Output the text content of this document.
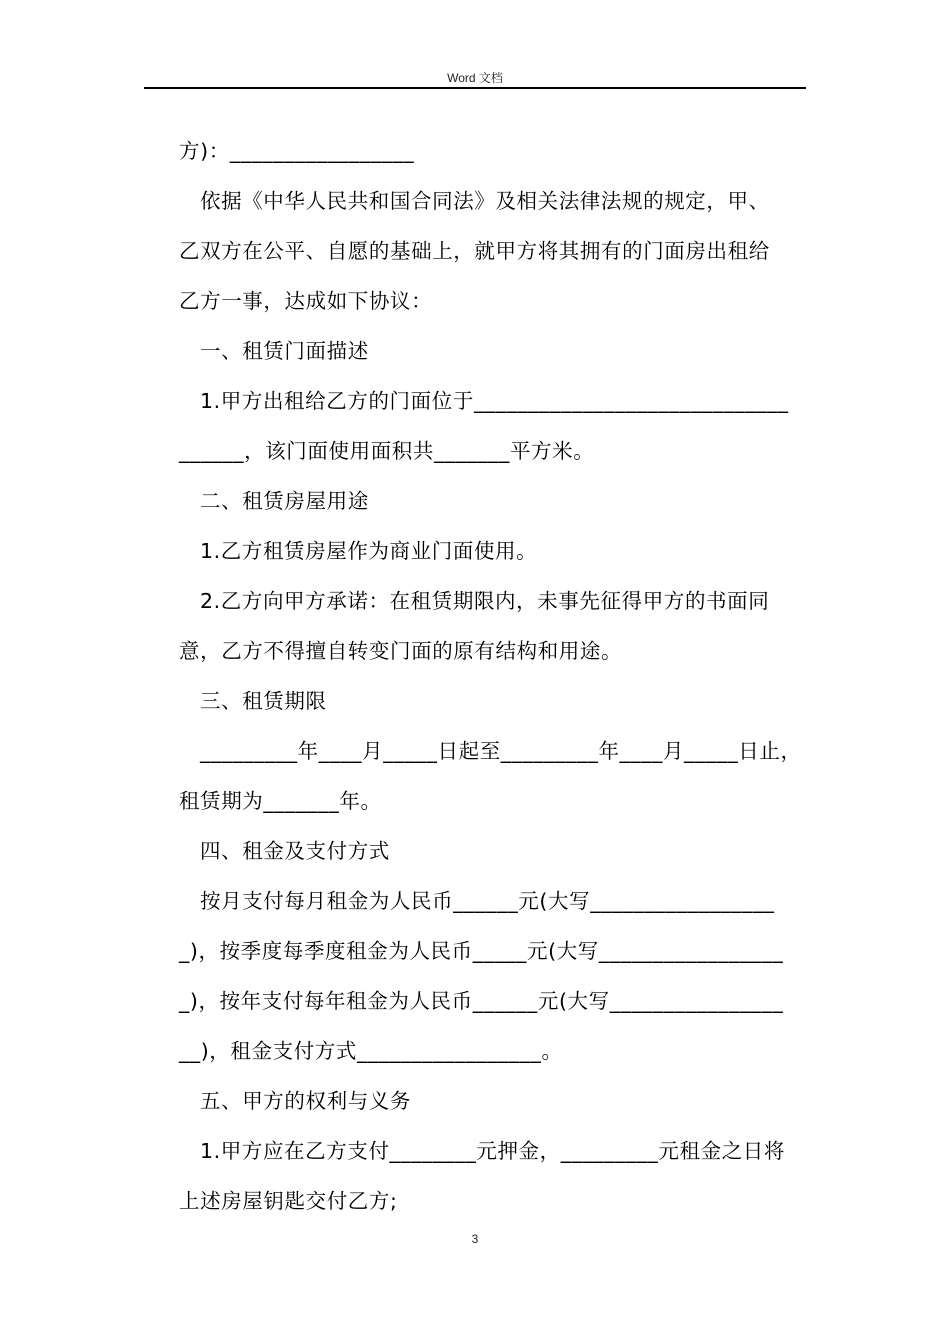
Word 文档
方)：_________________
依据《中华人民共和国合同法》及相关法律法规的规定，甲、
乙双方在公平、自愿的基础上，就甲方将其拥有的门面房出租给
乙方一事，达成如下协议：
一、租赁门面描述
1.甲方出租给乙方的门面位于_____________________________
______，该门面使用面积共_______平方米。
二、租赁房屋用途
1.乙方租赁房屋作为商业门面使用。
2.乙方向甲方承诺：在租赁期限内，未事先征得甲方的书面同
意，乙方不得擅自转变门面的原有结构和用途。
三、租赁期限
_________年____月_____日起至_________年____月_____日止，
租赁期为_______年。
四、租金及支付方式
按月支付每月租金为人民币______元(大写_________________
_)，按季度每季度租金为人民币_____元(大写_________________
_)，按年支付每年租金为人民币______元(大写________________
__)，租金支付方式_________________。
五、甲方的权利与义务
1.甲方应在乙方支付________元押金，_________元租金之日将
上述房屋钥匙交付乙方;
3
